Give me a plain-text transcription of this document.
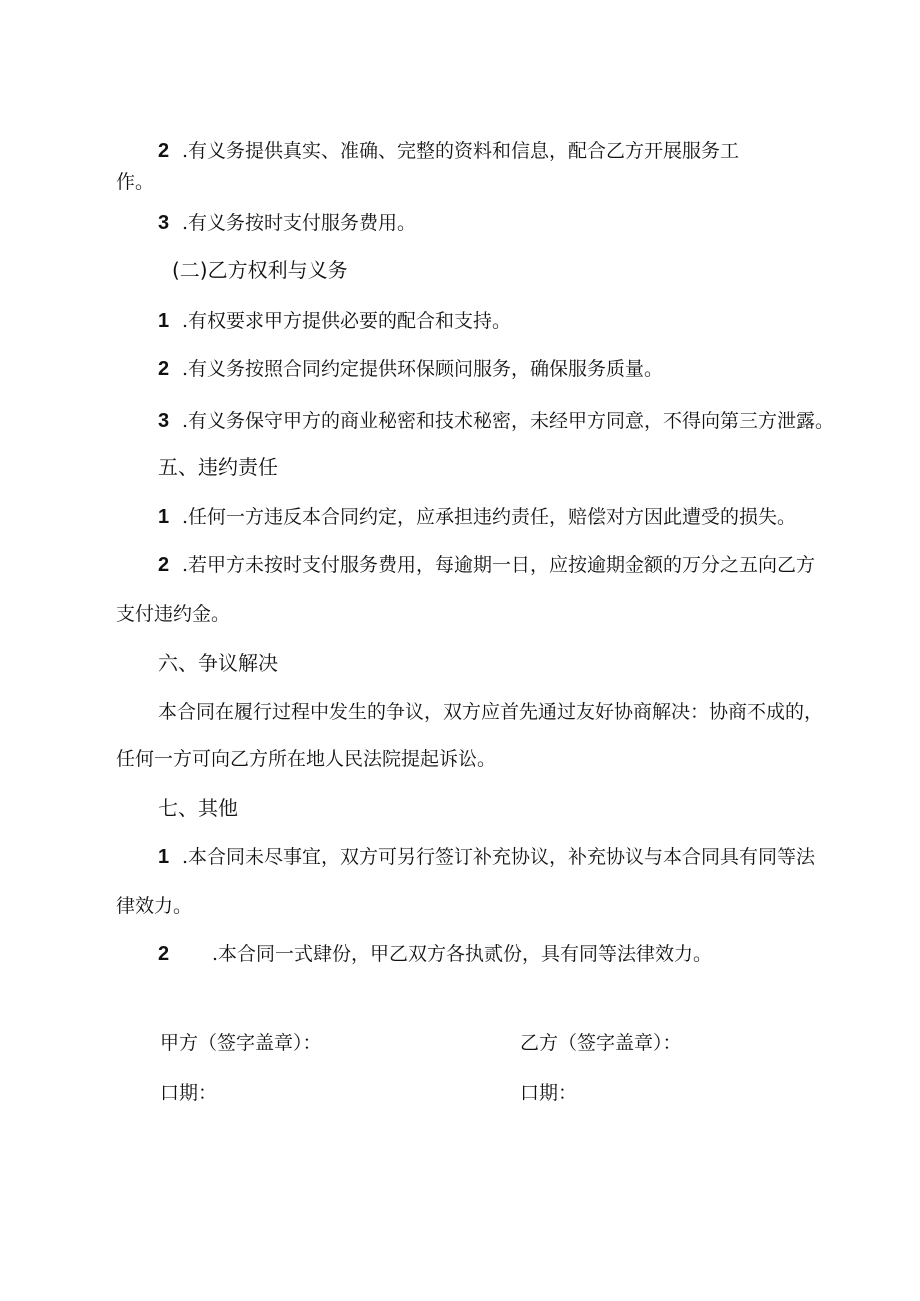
2 .有义务提供真实、准确、完整的资料和信息，配合乙方开展服务工
作。
3 .有义务按时支付服务费用。
(二)乙方权利与义务
1 .有权要求甲方提供必要的配合和支持。
2 .有义务按照合同约定提供环保顾问服务，确保服务质量。
3 .有义务保守甲方的商业秘密和技术秘密，未经甲方同意，不得向第三方泄露。
五、违约责任
1 .任何一方违反本合同约定，应承担违约责任，赔偿对方因此遭受的损失。
2 .若甲方未按时支付服务费用，每逾期一日，应按逾期金额的万分之五向乙方
支付违约金。
六、争议解决
本合同在履行过程中发生的争议，双方应首先通过友好协商解决：协商不成的，
任何一方可向乙方所在地人民法院提起诉讼。
七、其他
1 .本合同未尽事宜，双方可另行签订补充协议，补充协议与本合同具有同等法
律效力。
2 .本合同一式肆份，甲乙双方各执贰份，具有同等法律效力。
甲方（签字盖章）：	乙方（签字盖章）：
口期：	口期：
